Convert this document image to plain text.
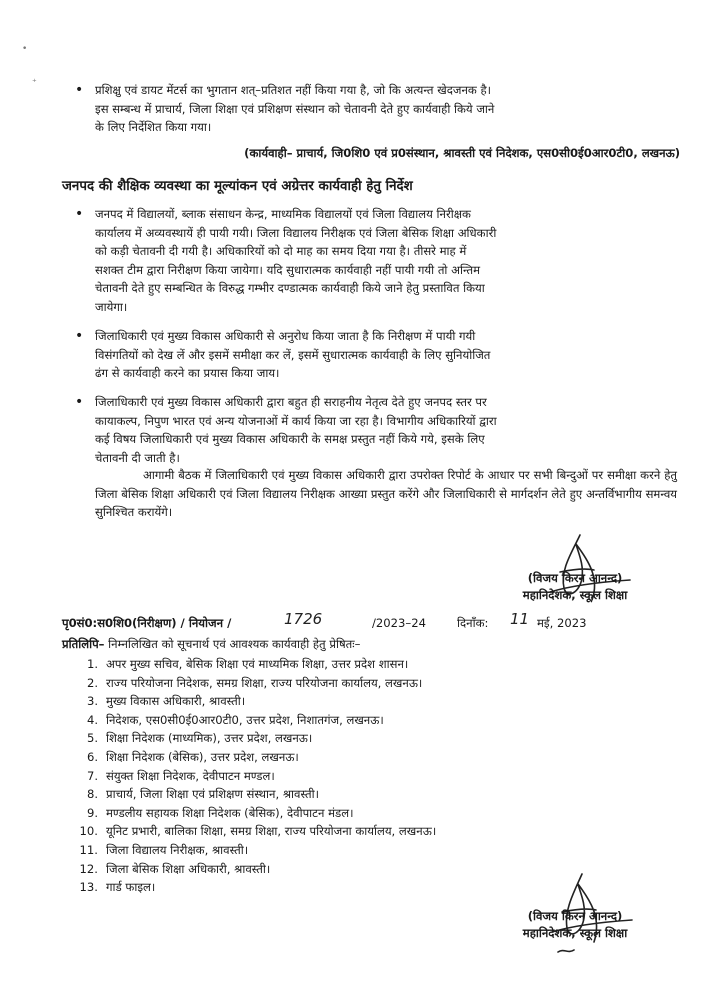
•
⁺	• प्रशिक्षु एवं डायट मेंटर्स का भुगतान शत्–प्रतिशत नहीं किया गया है, जो कि अत्यन्त खेदजनक है।
इस सम्बन्ध में प्राचार्य, जिला शिक्षा एवं प्रशिक्षण संस्थान को चेतावनी देते हुए कार्यवाही किये जाने
के लिए निर्देशित किया गया।
(कार्यवाही– प्राचार्य, जि0शि0 एवं प्र0संस्थान, श्रावस्ती एवं निदेशक, एस0सी0ई0आर0टी0, लखनऊ)
जनपद की शैक्षिक व्यवस्था का मूल्यांकन एवं अग्रेत्तर कार्यवाही हेतु निर्देश
• जनपद में विद्यालयों, ब्लाक संसाधन केन्द्र, माध्यमिक विद्यालयों एवं जिला विद्यालय निरीक्षक
कार्यालय में अव्यवस्थायें ही पायी गयी। जिला विद्यालय निरीक्षक एवं जिला बेसिक शिक्षा अधिकारी
को कड़ी चेतावनी दी गयी है। अधिकारियों को दो माह का समय दिया गया है। तीसरे माह में
सशक्त टीम द्वारा निरीक्षण किया जायेगा। यदि सुधारात्मक कार्यवाही नहीं पायी गयी तो अन्तिम
चेतावनी देते हुए सम्बन्धित के विरुद्ध गम्भीर दण्डात्मक कार्यवाही किये जाने हेतु प्रस्तावित किया
जायेगा।
• जिलाधिकारी एवं मुख्य विकास अधिकारी से अनुरोध किया जाता है कि निरीक्षण में पायी गयी
विसंगतियों को देख लें और इसमें समीक्षा कर लें, इसमें सुधारात्मक कार्यवाही के लिए सुनियोजित
ढंग से कार्यवाही करने का प्रयास किया जाय।
• जिलाधिकारी एवं मुख्य विकास अधिकारी द्वारा बहुत ही सराहनीय नेतृत्व देते हुए जनपद स्तर पर
कायाकल्प, निपुण भारत एवं अन्य योजनाओं में कार्य किया जा रहा है। विभागीय अधिकारियों द्वारा
कई विषय जिलाधिकारी एवं मुख्य विकास अधिकारी के समक्ष प्रस्तुत नहीं किये गये, इसके लिए
चेतावनी दी जाती है।
आगामी बैठक में जिलाधिकारी एवं मुख्य विकास अधिकारी द्वारा उपरोक्त रिपोर्ट के आधार पर सभी बिन्दुओं पर समीक्षा करने हेतु जिला बेसिक शिक्षा अधिकारी एवं जिला विद्यालय निरीक्षक आख्या प्रस्तुत करेंगे और जिलाधिकारी से मार्गदर्शन लेते हुए अन्तर्विभागीय समन्वय सुनिश्चित करायेंगे।
(विजय किरन आनन्द)
महानिदेशक, स्कूल शिक्षा
पृ0सं0:स0शि0(निरीक्षण) / नियोजन /	1726	/2023–24	दिनाँक: 11 मई, 2023
प्रतिलिपि– निम्नलिखित को सूचनार्थ एवं आवश्यक कार्यवाही हेतु प्रेषितः–
1. अपर मुख्य सचिव, बेसिक शिक्षा एवं माध्यमिक शिक्षा, उत्तर प्रदेश शासन।
2. राज्य परियोजना निदेशक, समग्र शिक्षा, राज्य परियोजना कार्यालय, लखनऊ।
3. मुख्य विकास अधिकारी, श्रावस्ती।
4. निदेशक, एस0सी0ई0आर0टी0, उत्तर प्रदेश, निशातगंज, लखनऊ।
5. शिक्षा निदेशक (माध्यमिक), उत्तर प्रदेश, लखनऊ।
6. शिक्षा निदेशक (बेसिक), उत्तर प्रदेश, लखनऊ।
7. संयुक्त शिक्षा निदेशक, देवीपाटन मण्डल।
8. प्राचार्य, जिला शिक्षा एवं प्रशिक्षण संस्थान, श्रावस्ती।
9. मण्डलीय सहायक शिक्षा निदेशक (बेसिक), देवीपाटन मंडल।
10. यूनिट प्रभारी, बालिका शिक्षा, समग्र शिक्षा, राज्य परियोजना कार्यालय, लखनऊ।
11. जिला विद्यालय निरीक्षक, श्रावस्ती।
12. जिला बेसिक शिक्षा अधिकारी, श्रावस्ती।
13. गार्ड फाइल।
(विजय किरन आनन्द)
महानिदेशक, स्कूल शिक्षा
